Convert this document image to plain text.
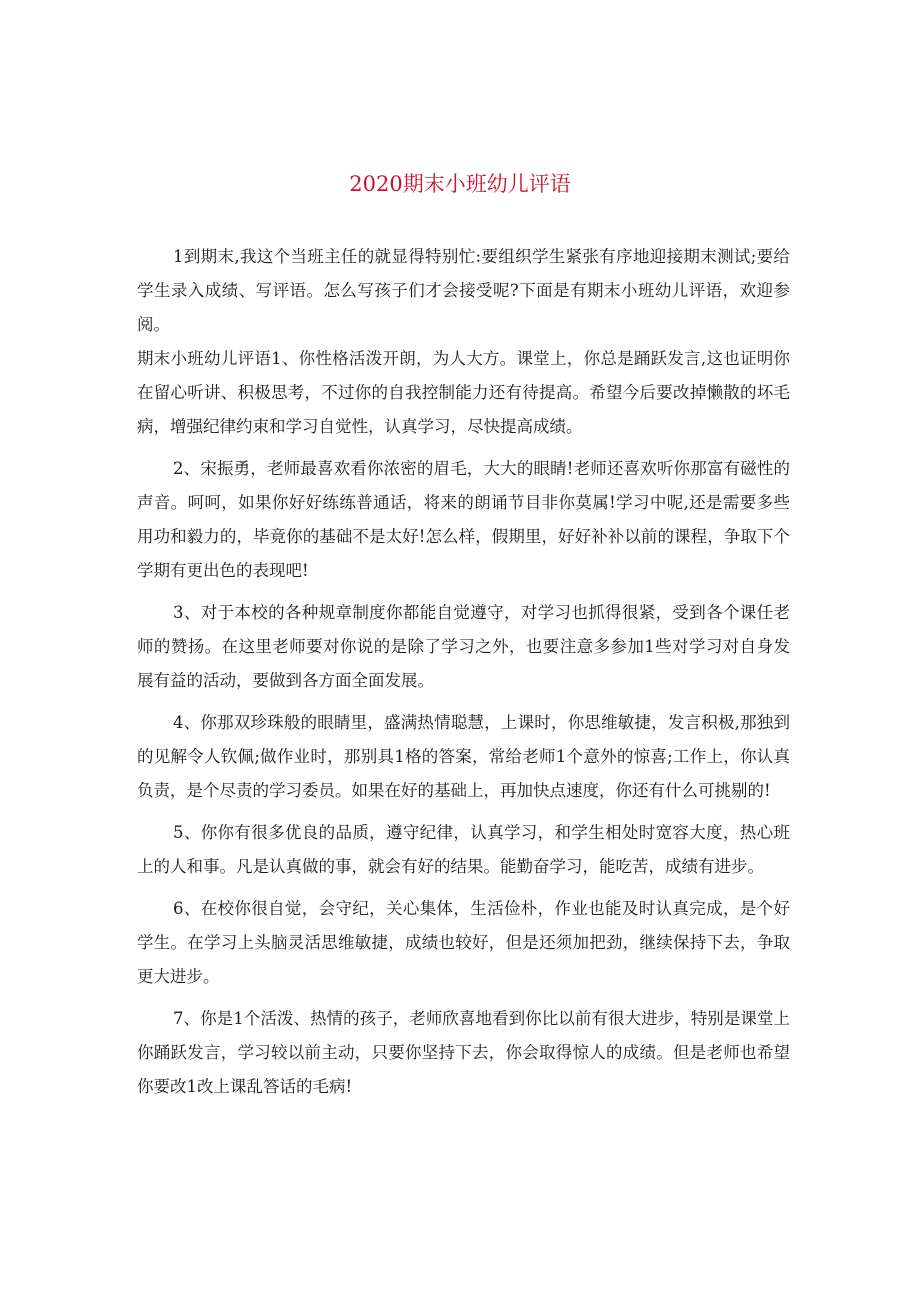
2020期末小班幼儿评语

1到期末,我这个当班主任的就显得特别忙:要组织学生紧张有序地迎接期末测试;要给学生录入成绩、写评语。怎么写孩子们才会接受呢?下面是有期末小班幼儿评语，欢迎参阅。

期末小班幼儿评语1、你性格活泼开朗，为人大方。课堂上，你总是踊跃发言,这也证明你在留心听讲、积极思考，不过你的自我控制能力还有待提高。希望今后要改掉懒散的坏毛病，增强纪律约束和学习自觉性，认真学习，尽快提高成绩。

2、宋振勇，老师最喜欢看你浓密的眉毛，大大的眼睛!老师还喜欢听你那富有磁性的声音。呵呵，如果你好好练练普通话，将来的朗诵节目非你莫属!学习中呢,还是需要多些用功和毅力的，毕竟你的基础不是太好!怎么样，假期里，好好补补以前的课程，争取下个学期有更出色的表现吧!

3、对于本校的各种规章制度你都能自觉遵守，对学习也抓得很紧，受到各个课任老师的赞扬。在这里老师要对你说的是除了学习之外，也要注意多参加1些对学习对自身发展有益的活动，要做到各方面全面发展。

4、你那双珍珠般的眼睛里，盛满热情聪慧，上课时，你思维敏捷，发言积极,那独到的见解令人钦佩;做作业时，那别具1格的答案，常给老师1个意外的惊喜;工作上，你认真负责，是个尽责的学习委员。如果在好的基础上，再加快点速度，你还有什么可挑剔的!

5、你你有很多优良的品质，遵守纪律，认真学习，和学生相处时宽容大度，热心班上的人和事。凡是认真做的事，就会有好的结果。能勤奋学习，能吃苦，成绩有进步。

6、在校你很自觉，会守纪，关心集体，生活俭朴，作业也能及时认真完成，是个好学生。在学习上头脑灵活思维敏捷，成绩也较好，但是还须加把劲，继续保持下去，争取更大进步。

7、你是1个活泼、热情的孩子，老师欣喜地看到你比以前有很大进步，特别是课堂上你踊跃发言，学习较以前主动，只要你坚持下去，你会取得惊人的成绩。但是老师也希望你要改1改上课乱答话的毛病!
